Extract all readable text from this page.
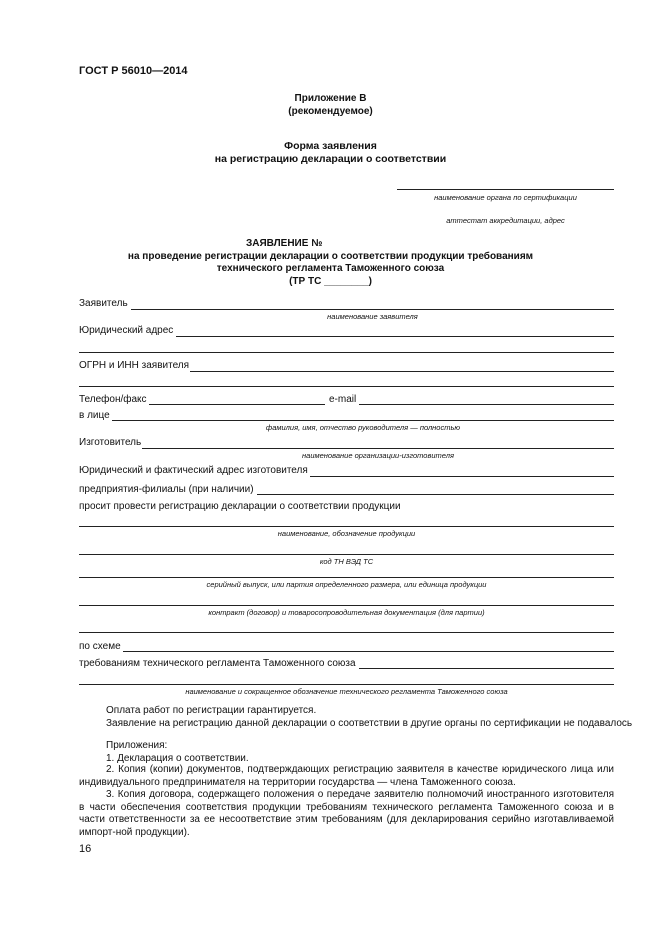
ГОСТ Р 56010—2014
Приложение В
(рекомендуемое)
Форма заявления
на регистрацию декларации о соответствии
наименование органа по сертификации
аттестат аккредитации, адрес
ЗАЯВЛЕНИЕ №
на проведение регистрации декларации о соответствии продукции требованиям
технического регламента Таможенного союза
(ТР ТС ________)
Заявитель
наименование заявителя
Юридический адрес
ОГРН и ИНН заявителя
Телефон/факс	e-mail
в лице
фамилия, имя, отчество руководителя — полностью
Изготовитель
наименование организации-изготовителя
Юридический и фактический адрес изготовителя
предприятия-филиалы (при наличии)
просит провести регистрацию декларации о соответствии продукции
наименование, обозначение продукции
код ТН ВЭД ТС
серийный выпуск, или партия определенного размера, или единица продукции
контракт (договор) и товаросопроводительная документация (для партии)
по схеме
требованиям технического регламента Таможенного союза
наименование и сокращенное обозначение технического регламента Таможенного союза
Оплата работ по регистрации гарантируется.
Заявление на регистрацию данной декларации о соответствии в другие органы по сертификации не подавалось
Приложения:
1. Декларация о соответствии.
2. Копия (копии) документов, подтверждающих регистрацию заявителя в качестве юридического лица или индивидуального предпринимателя на территории государства — члена Таможенного союза.
3. Копия договора, содержащего положения о передаче заявителю полномочий иностранного изготовителя в части обеспечения соответствия продукции требованиям технического регламента Таможенного союза и в части ответственности за ее несоответствие этим требованиям (для декларирования серийно изготавливаемой импорт-ной продукции).
16
